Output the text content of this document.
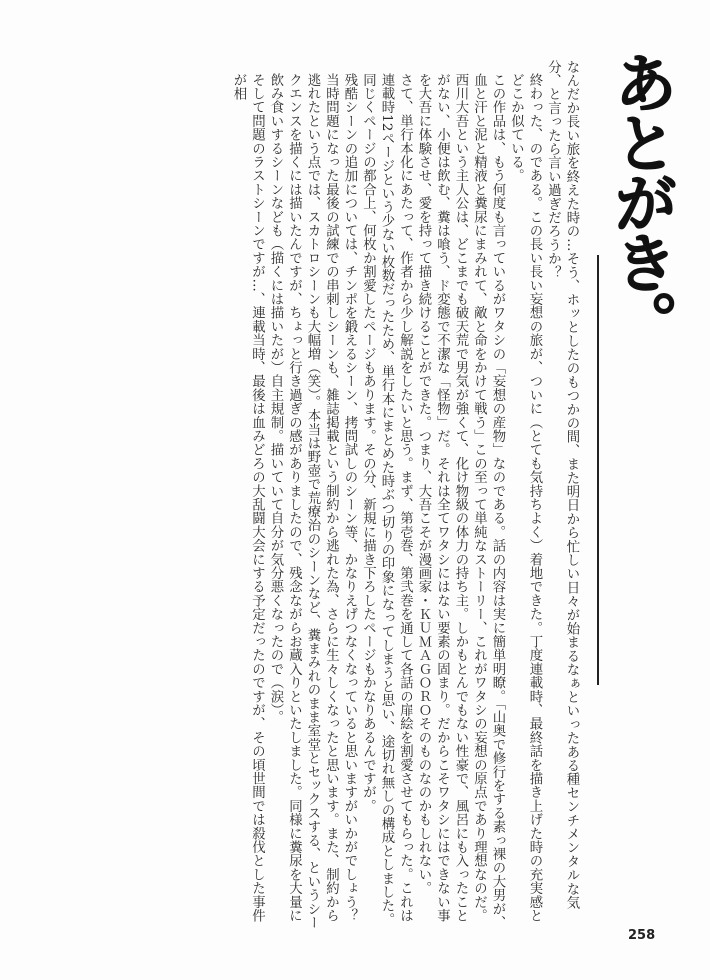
あとがき。

なんだか長い旅を終えた時の…そう、ホッとしたのもつかの間、また明日から忙しい日々が始まるなぁといったある種センチメンタルな気分、と言ったら言い過ぎだろうか？

終わった、のである。この長い長い妄想の旅が、ついに（とても気持ちよく）着地できた。丁度連載時、最終話を描き上げた時の充実感とどこか似ている。

この作品は、もう何度も言っているがワタシの「妄想の産物」なのである。話の内容は実に簡単明瞭。「山奥で修行をする素っ裸の大男が、血と汗と泥と精液と糞尿にまみれて、敵と命をかけて戦う」この至って単純なストーリー、これがワタシの妄想の原点であり理想なのだ。

西川大吾という主人公は、どこまでも破天荒で男気が強くて、化け物級の体力の持ち主。しかもとんでもない性豪で、風呂にも入ったことがない、小便は飲む、糞は喰う、ド変態で不潔な「怪物」だ。それは全てワタシにはない要素の固まり。だからこそワタシにはできない事を大吾に体験させ、愛を持って描き続けることができた。つまり、大吾こそが漫画家・ＫＵＭＡＧＯＲＯそのものなのかもしれない。

さて、単行本化にあたって、作者から少し解説をしたいと思う。まず、第壱巻、第弐巻を通して各話の扉絵を割愛させてもらった。これは連載時12ページという少ない枚数だったため、単行本にまとめた時ぶつ切りの印象になってしまうと思い、途切れ無しの構成としました。同じくページの都合上、何枚か割愛したページもあります。その分、新規に描き下ろしたページもかなりあるんですが。

残酷シーンの追加については、チンポを鍛えるシーン、拷問試しのシーン等、かなりえげつなくなっていると思いますがいかがでしょう？当時問題になった最後の試練での串刺しシーンも、雑誌掲載という制約から逃れた為、さらに生々しくなったと思います。また、制約から逃れたという点では、スカトロシーンも大幅増（笑）。本当は野壺で荒療治のシーンなど、糞まみれのまま室堂とセックスする、というシークエンスを描くには描いたんですが、ちょっと行き過ぎの感がありましたので、残念ながらお蔵入りといたしました。同様に糞尿を大量に飲み食いするシーンなども（描くには描いたが）自主規制。描いていて自分が気分悪くなったので（涙）。

そして問題のラストシーンですが…、連載当時、最後は血みどろの大乱闘大会にする予定だったのですが、その頃世間では殺伐とした事件が相

258
